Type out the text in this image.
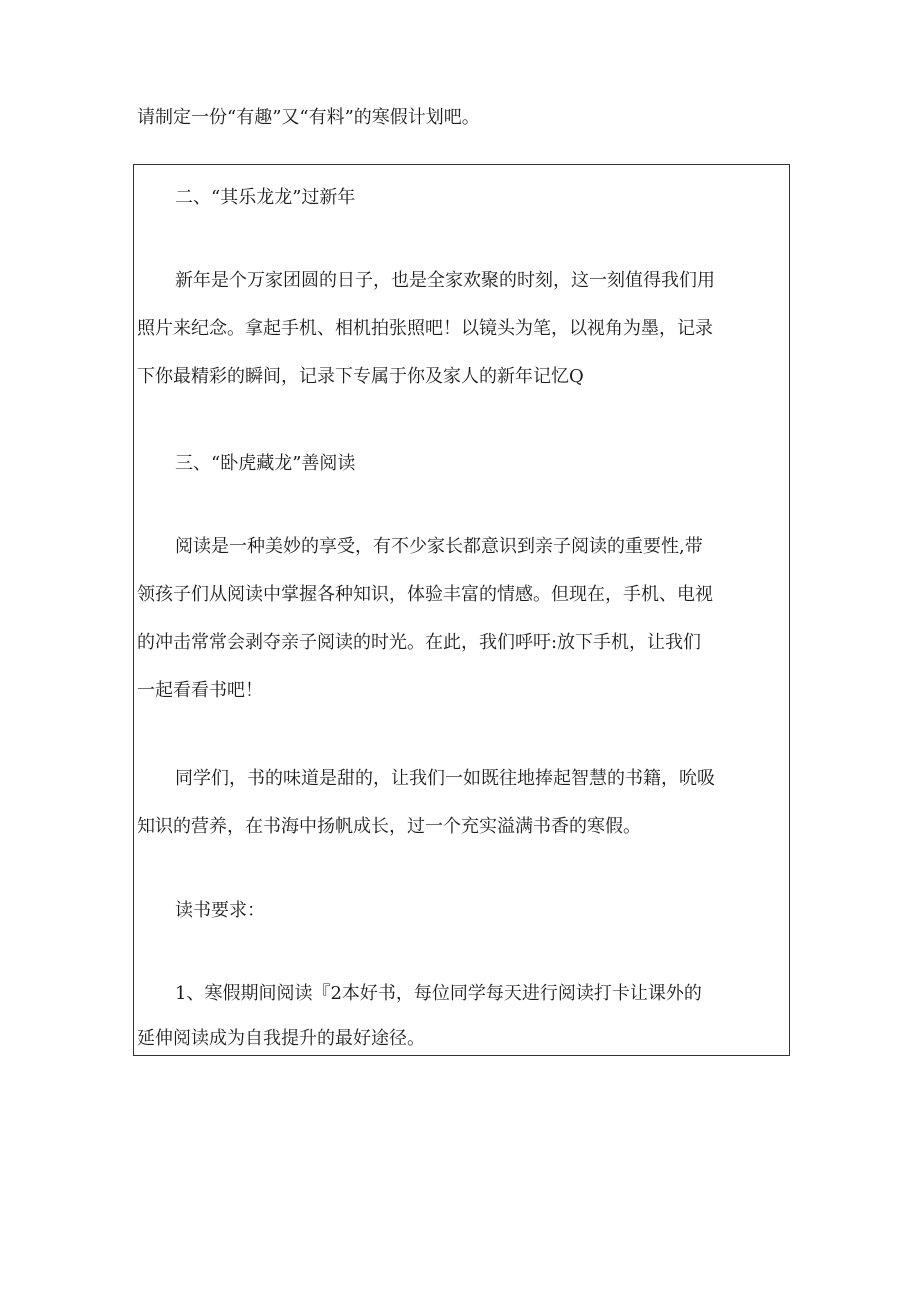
请制定一份“有趣”又“有料”的寒假计划吧。

二、“其乐龙龙”过新年

新年是个万家团圆的日子，也是全家欢聚的时刻，这一刻值得我们用

照片来纪念。拿起手机、相机拍张照吧！以镜头为笔，以视角为墨，记录

下你最精彩的瞬间，记录下专属于你及家人的新年记忆Q

三、“卧虎藏龙”善阅读

阅读是一种美妙的享受，有不少家长都意识到亲子阅读的重要性,带

领孩子们从阅读中掌握各种知识，体验丰富的情感。但现在，手机、电视

的冲击常常会剥夺亲子阅读的时光。在此，我们呼吁:放下手机，让我们

一起看看书吧！

同学们，书的味道是甜的，让我们一如既往地捧起智慧的书籍，吮吸

知识的营养，在书海中扬帆成长，过一个充实溢满书香的寒假。

读书要求：

1、寒假期间阅读『2本好书，每位同学每天进行阅读打卡让课外的

延伸阅读成为自我提升的最好途径。
